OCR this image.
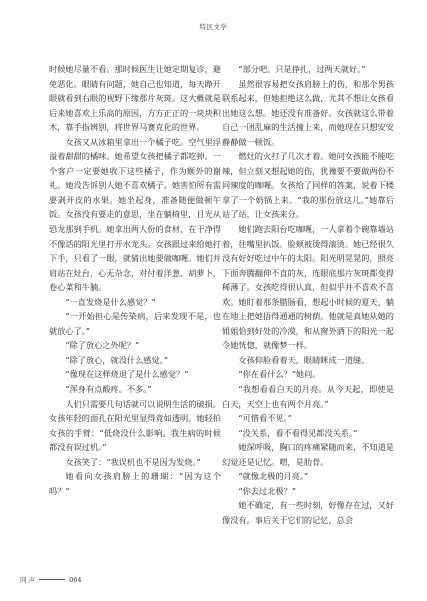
特区文学

时候她尽量不看。那时候医生让她定期复诊，避免恶化。眼睛有问题，她自己也知道，每天睁开眼就看到右眼的视野下缘那片灰斑。这大概就是后来她喜欢上乐高的原因，方方正正的一块块积木，靠手指辨别，将世界马赛克化的世界。

女孩又从冰箱里拿出一个橘子吃。空气里浮溢着甜甜的橘味。她希望女孩把橘子都吃掉。一个客户一定要她收下这些橘子，作为额外的谢礼。她没告诉别人她不喜欢橘子。她害怕所有需要剥开皮的水果。她坐起身，准备随便做顿午饭。女孩没有要走的意思，坐在躺椅里，目光从恐龙那到手机。她拿出两人份的食材，在干净得不像话的阳光里打开水龙头。女孩跟过来给她打下手，只看了一眼，就猜出她要做咖喱。她们并肩站在灶台，心无杂念，对付着洋葱、胡萝卜、卷心菜和牛腩。

“一直发烧是什么感觉？”

“一开始担心是传染病，后来发现不是，也就放心了。”

“除了放心之外呢？”

“除了放心，就没什么感觉。”

“像现在这样烧退了是什么感觉？”

“浑身有点酸疼。不多。”

人们只需要几句话就可以说明生活的破损。女孩年轻的面孔在阳光里显得竟如透明。她轻拍女孩的手臂：“低烧没什么影响。我生病的时候都没有误过机。”

女孩笑了：“我误机也不是因为发烧。”

她看向女孩肩膀上的珊瑚：“因为这个吗？”

“部分吧。只是挣扎，过两天就好。”

虽然很容易把女孩肩膀上的伤，和那个男孩联系起来，但她拒绝这么做，尤其不想让女孩看出她这么想。她还没有准备好。女孩就这么带着自己一团乱麻的生活撞上来，而她现在只想安安静静做一顿饭。

燃灶的火打了几次才着。她问女孩能不能吃辣，但立刻又想起她的伤，犹豫要不要做两份不同辣度的咖喱。女孩给了同样的答案，说着下楼拿了一个奶锅上来。“我的那份放这儿。”她靠后站了站，让女孩来分。

她们跑去阳台吃咖喱，一人拿着个碗靠墙站着，往嘴里扒饭。脸颊被烫得滚烫。她已经很久没有好好吃过中午的太阳。阳光明晃晃的，照亮下面奔腾翻伸不直的灰，连眼底那片灰斑都变得稀薄了。女孩吃得很认真，但似乎并不喜欢不喜欢。她盯着那条腊肠看，想起小时候的夏天，躺在地上把她捂得通通的树荫。他就是真她从她的姐姐恰到好处的冷漠，和从窗外洒下的阳光一起令她恍惚，就像梦一样。

女孩仰脸看着天，眼睛眯成一道缝。

“你在看什么？”她问。

“我想看看白天的月亮。从今天起，即使是白天，天空上也有两个月亮。”

“可惜看不见。”

“没关系，看不看得见都没关系。”

她深呼吸，胸口的疼痛紧随而来，不知道是幻觉还是记忆。嗯，是肋骨。

“就像北极的月亮。”

“你去过北极？”

她不确定，有一些时刻，好像存在过，又好像没有。事后关于它们的记忆，总会

同 声	064
